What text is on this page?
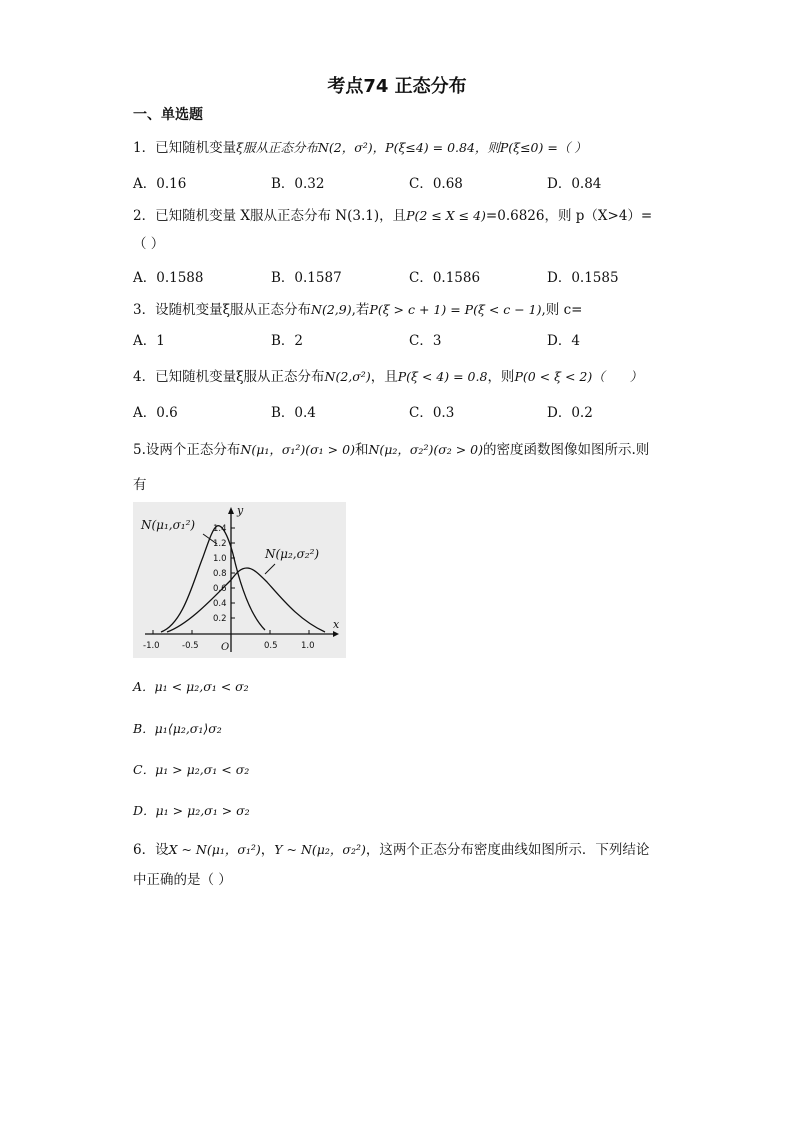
考点74 正态分布
一、单选题
1．已知随机变量ξ服从正态分布N(2，σ²)，P(ξ≤4) = 0.84，则P(ξ≤0) =（ ）
A．0.16	B．0.32	C．0.68	D．0.84
2．已知随机变量 X服从正态分布 N(3.1)，且P(2 ≤ X ≤ 4)=0.6826，则 p（X>4）=
（ ）
A．0.1588	B．0.1587	C．0.1586	D．0.1585
3．设随机变量ξ服从正态分布N(2,9),若P(ξ > c + 1) = P(ξ < c − 1),则 c=
A．1	B．2	C．3	D．4
4．已知随机变量ξ服从正态分布N(2,σ²)，且P(ξ < 4) = 0.8，则P(0 < ξ < 2)（　　）
A．0.6	B．0.4	C．0.3	D．0.2
5.设两个正态分布N(μ₁，σ₁²)(σ₁ > 0)和N(μ₂，σ₂²)(σ₂ > 0)的密度函数图像如图所示.则
有
N(μ₁,σ₁²)
N(μ₂,σ₂²)
y
x
O
-1.0	-0.5	0.5	1.0
1.4
1.2
1.0
0.8
0.6
0.4
0.2
A．μ₁ < μ₂,σ₁ < σ₂
B．μ₁⟨μ₂,σ₁⟩σ₂
C．μ₁ > μ₂,σ₁ < σ₂
D．μ₁ > μ₂,σ₁ > σ₂
6．设X ~ N(μ₁，σ₁²)，Y ~ N(μ₂，σ₂²)，这两个正态分布密度曲线如图所示．下列结论
中正确的是（ ）
